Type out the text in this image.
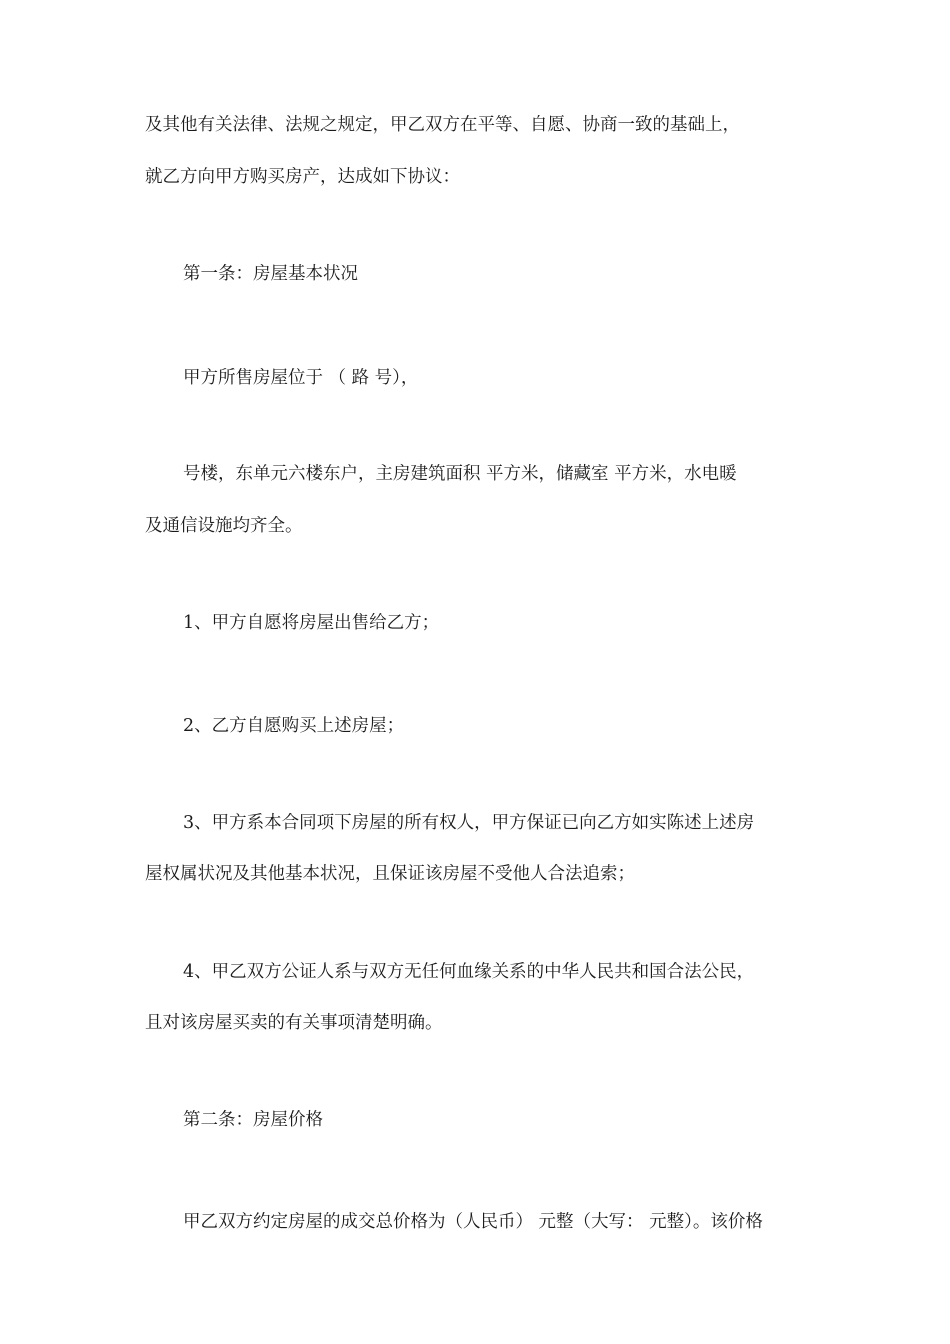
及其他有关法律、法规之规定，甲乙双方在平等、自愿、协商一致的基础上，

就乙方向甲方购买房产，达成如下协议：

第一条：房屋基本状况

甲方所售房屋位于 （ 路 号），

号楼，东单元六楼东户，主房建筑面积 平方米，储藏室 平方米，水电暖

及通信设施均齐全。

1、甲方自愿将房屋出售给乙方；

2、乙方自愿购买上述房屋；

3、甲方系本合同项下房屋的所有权人，甲方保证已向乙方如实陈述上述房

屋权属状况及其他基本状况，且保证该房屋不受他人合法追索；

4、甲乙双方公证人系与双方无任何血缘关系的中华人民共和国合法公民，

且对该房屋买卖的有关事项清楚明确。

第二条：房屋价格

甲乙双方约定房屋的成交总价格为（人民币） 元整（大写： 元整）。该价格
